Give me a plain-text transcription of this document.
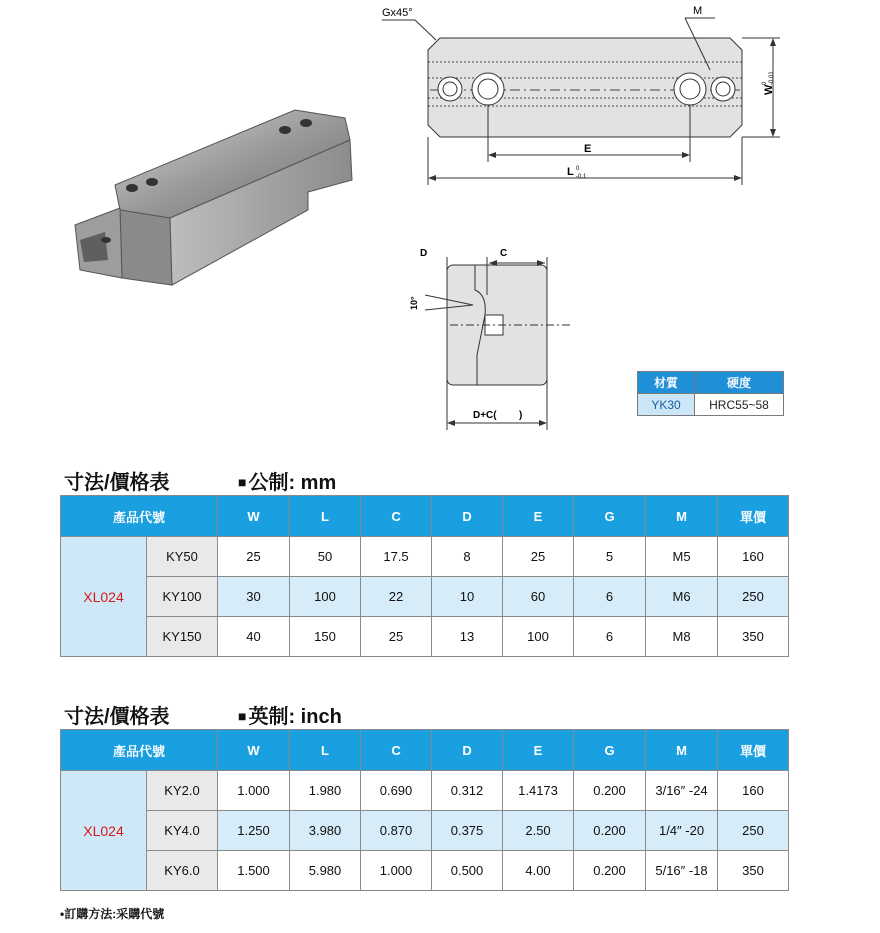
Gx45°	M
W
E
L 0
-0.1
0 -0.01
D	C
10°
D+C( )
材質	硬度
YK30	HRC55~58
寸法/價格表	■ 公制: mm
產品代號		W	L	C	D	E	G	M	單價
XL024	KY50	25	50	17.5	8	25	5	M5	160
	KY100	30	100	22	10	60	6	M6	250
	KY150	40	150	25	13	100	6	M8	350
寸法/價格表	■ 英制: inch
產品代號		W	L	C	D	E	G	M	單價
XL024	KY2.0	1.000	1.980	0.690	0.312	1.4173	0.200	3/16″ -24	160
	KY4.0	1.250	3.980	0.870	0.375	2.50	0.200	1/4″ -20	250
	KY6.0	1.500	5.980	1.000	0.500	4.00	0.200	5/16″ -18	350
•訂購方法:采購代號
